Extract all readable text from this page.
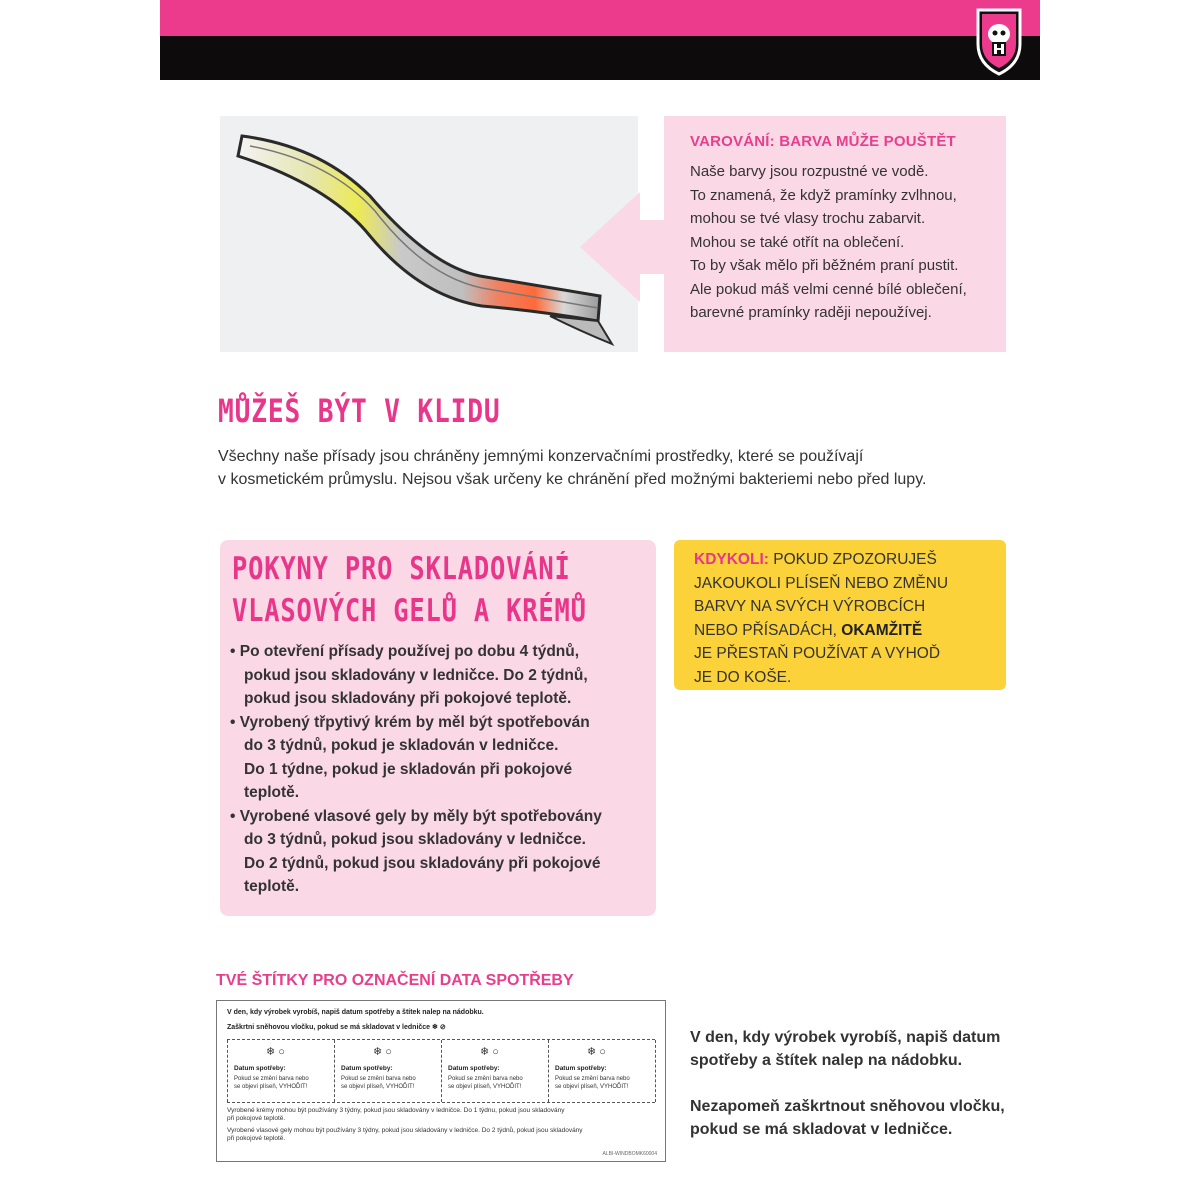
VAROVÁNÍ: BARVA MŮŽE POUŠTĚT
Naše barvy jsou rozpustné ve vodě.
To znamená, že když pramínky zvlhnou,
mohou se tvé vlasy trochu zabarvit.
Mohou se také otřít na oblečení.
To by však mělo při běžném praní pustit.
Ale pokud máš velmi cenné bílé oblečení,
barevné pramínky raději nepoužívej.
MŮŽEŠ BÝT V KLIDU
Všechny naše přísady jsou chráněny jemnými konzervačními prostředky, které se používají
v kosmetickém průmyslu. Nejsou však určeny ke chránění před možnými bakteriemi nebo před lupy.
POKYNY PRO SKLADOVÁNÍ
VLASOVÝCH GELŮ A KRÉMŮ
• Po otevření přísady používej po dobu 4 týdnů,
pokud jsou skladovány v ledničce. Do 2 týdnů,
pokud jsou skladovány při pokojové teplotě.
• Vyrobený třpytivý krém by měl být spotřebován
do 3 týdnů, pokud je skladován v ledničce.
Do 1 týdne, pokud je skladován při pokojové
teplotě.
• Vyrobené vlasové gely by měly být spotřebovány
do 3 týdnů, pokud jsou skladovány v ledničce.
Do 2 týdnů, pokud jsou skladovány při pokojové
teplotě.
KDYKOLI: POKUD ZPOZORUJEŠ
JAKOUKOLI PLÍSEŇ NEBO ZMĚNU
BARVY NA SVÝCH VÝROBCÍCH
NEBO PŘÍSADÁCH, OKAMŽITĚ
JE PŘESTAŇ POUŽÍVAT A VYHOĎ
JE DO KOŠE.
TVÉ ŠTÍTKY PRO OZNAČENÍ DATA SPOTŘEBY
V den, kdy výrobek vyrobíš, napiš datum spotřeby a štítek nalep na nádobku.
Zaškrtni sněhovou vločku, pokud se má skladovat v ledničce ❄ ⊘
❄ ○
Datum spotřeby:
Pokud se změní barva nebo
se objeví plíseň, VYHOĎIT!
❄ ○
Datum spotřeby:
Pokud se změní barva nebo
se objeví plíseň, VYHOĎIT!
❄ ○
Datum spotřeby:
Pokud se změní barva nebo
se objeví plíseň, VYHOĎIT!
❄ ○
Datum spotřeby:
Pokud se změní barva nebo
se objeví plíseň, VYHOĎIT!
Vyrobené krémy mohou být používány 3 týdny, pokud jsou skladovány v ledničce. Do 1 týdnu, pokud jsou skladovány
při pokojové teplotě.
Vyrobené vlasové gely mohou být používány 3 týdny, pokud jsou skladovány v ledničce. Do 2 týdnů, pokud jsou skladovány
při pokojové teplotě.
ALBI-WINDBOMK60004
V den, kdy výrobek vyrobíš, napiš datum
spotřeby a štítek nalep na nádobku.
Nezapomeň zaškrtnout sněhovou vločku,
pokud se má skladovat v ledničce.
